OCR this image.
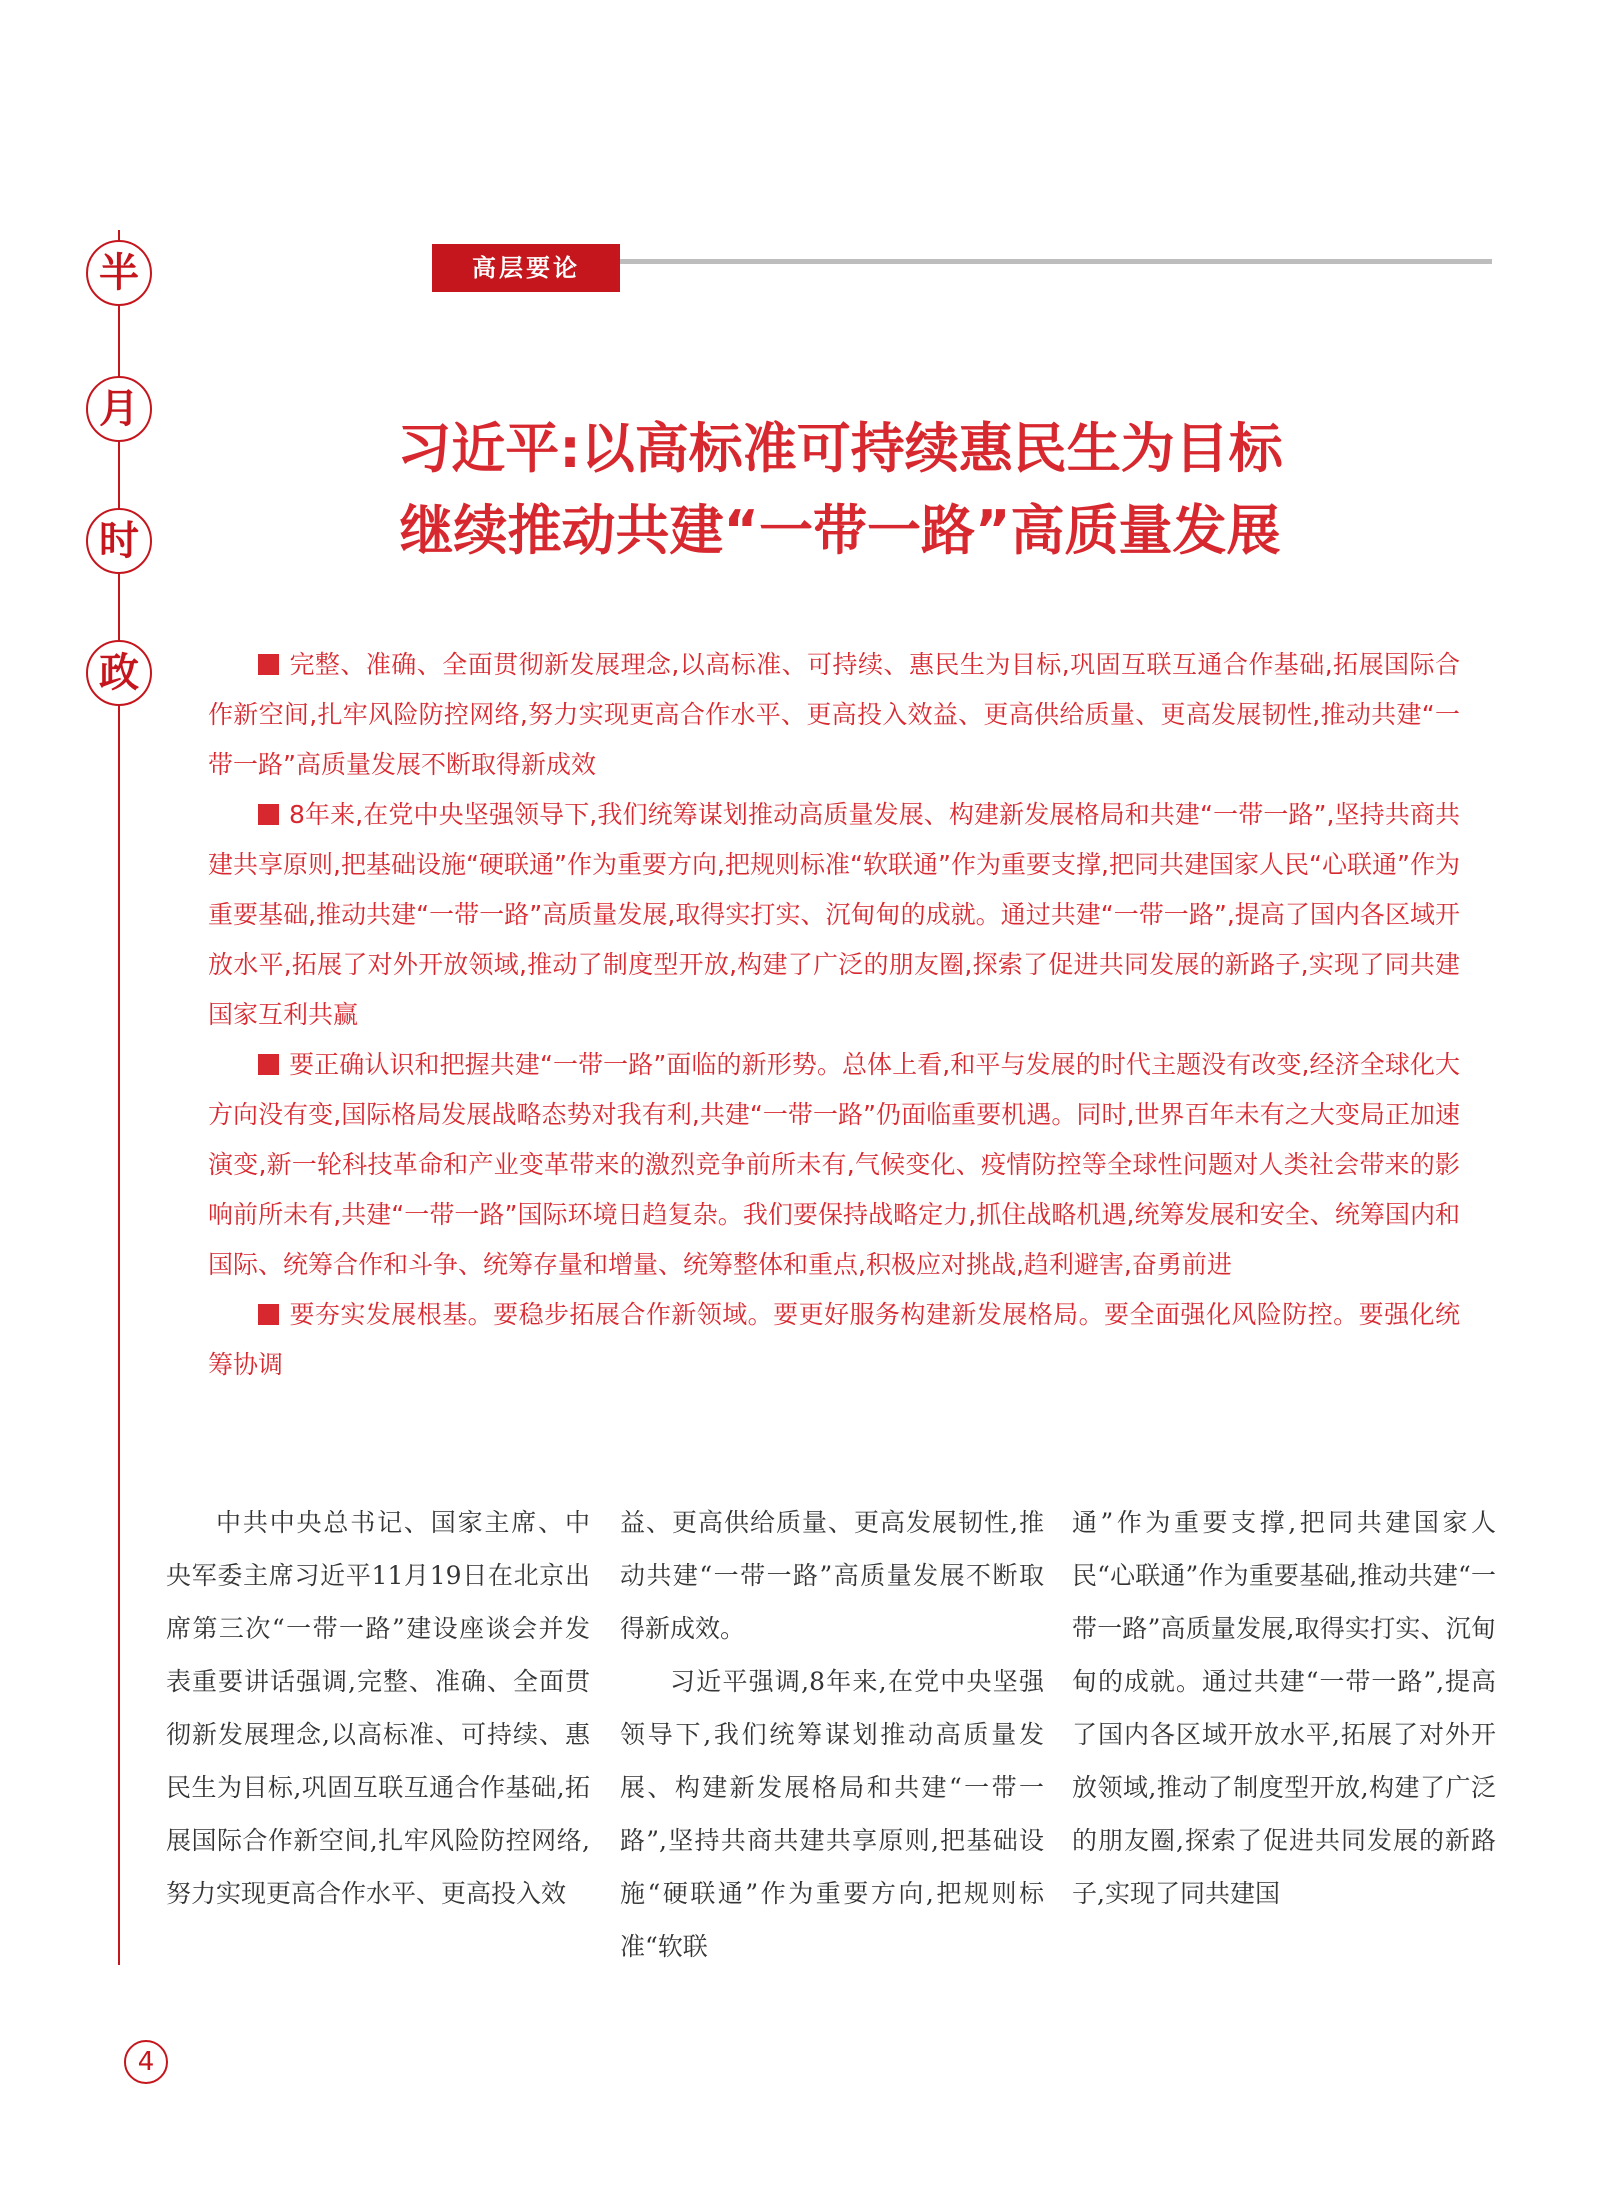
半
月
时
政
高层要论
习近平:以高标准可持续惠民生为目标
继续推动共建“一带一路”高质量发展

完整、准确、全面贯彻新发展理念,以高标准、可持续、惠民生为目标,巩固互联互通合作基础,拓展国际合作新空间,扎牢风险防控网络,努力实现更高合作水平、更高投入效益、更高供给质量、更高发展韧性,推动共建“一带一路”高质量发展不断取得新成效

8年来,在党中央坚强领导下,我们统筹谋划推动高质量发展、构建新发展格局和共建“一带一路”,坚持共商共建共享原则,把基础设施“硬联通”作为重要方向,把规则标准“软联通”作为重要支撑,把同共建国家人民“心联通”作为重要基础,推动共建“一带一路”高质量发展,取得实打实、沉甸甸的成就。通过共建“一带一路”,提高了国内各区域开放水平,拓展了对外开放领域,推动了制度型开放,构建了广泛的朋友圈,探索了促进共同发展的新路子,实现了同共建国家互利共赢

要正确认识和把握共建“一带一路”面临的新形势。总体上看,和平与发展的时代主题没有改变,经济全球化大方向没有变,国际格局发展战略态势对我有利,共建“一带一路”仍面临重要机遇。同时,世界百年未有之大变局正加速演变,新一轮科技革命和产业变革带来的激烈竞争前所未有,气候变化、疫情防控等全球性问题对人类社会带来的影响前所未有,共建“一带一路”国际环境日趋复杂。我们要保持战略定力,抓住战略机遇,统筹发展和安全、统筹国内和国际、统筹合作和斗争、统筹存量和增量、统筹整体和重点,积极应对挑战,趋利避害,奋勇前进

要夯实发展根基。要稳步拓展合作新领域。要更好服务构建新发展格局。要全面强化风险防控。要强化统筹协调

中共中央总书记、国家主席、中央军委主席习近平11月19日在北京出席第三次“一带一路”建设座谈会并发表重要讲话强调,完整、准确、全面贯彻新发展理念,以高标准、可持续、惠民生为目标,巩固互联互通合作基础,拓展国际合作新空间,扎牢风险防控网络,努力实现更高合作水平、更高投入效

益、更高供给质量、更高发展韧性,推动共建“一带一路”高质量发展不断取得新成效。

习近平强调,8年来,在党中央坚强领导下,我们统筹谋划推动高质量发展、构建新发展格局和共建“一带一路”,坚持共商共建共享原则,把基础设施“硬联通”作为重要方向,把规则标准“软联

通”作为重要支撑,把同共建国家人民“心联通”作为重要基础,推动共建“一带一路”高质量发展,取得实打实、沉甸甸的成就。通过共建“一带一路”,提高了国内各区域开放水平,拓展了对外开放领域,推动了制度型开放,构建了广泛的朋友圈,探索了促进共同发展的新路子,实现了同共建国

4
